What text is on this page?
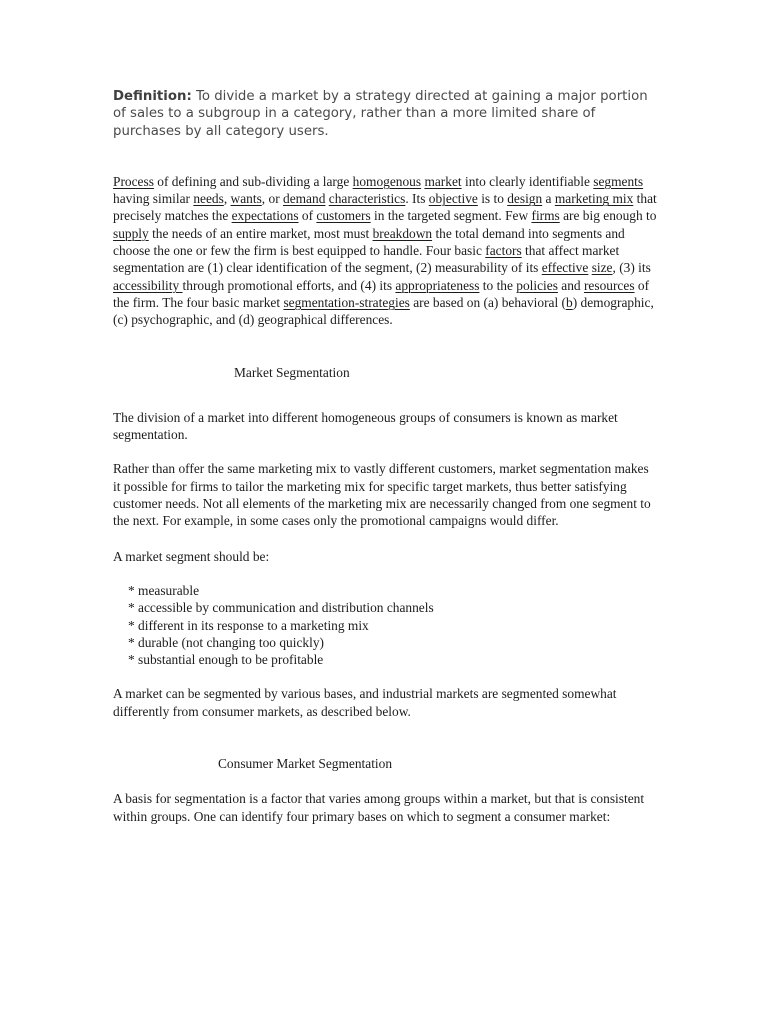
Definition: To divide a market by a strategy directed at gaining a major portion of sales to a subgroup in a category, rather than a more limited share of purchases by all category users.

Process of defining and sub-dividing a large homogenous market into clearly identifiable segments having similar needs, wants, or demand characteristics. Its objective is to design a marketing mix that precisely matches the expectations of customers in the targeted segment. Few firms are big enough to supply the needs of an entire market, most must breakdown the total demand into segments and choose the one or few the firm is best equipped to handle. Four basic factors that affect market segmentation are (1) clear identification of the segment, (2) measurability of its effective size, (3) its accessibility through promotional efforts, and (4) its appropriateness to the policies and resources of the firm. The four basic market segmentation-strategies are based on (a) behavioral (b) demographic, (c) psychographic, and (d) geographical differences.

Market Segmentation

The division of a market into different homogeneous groups of consumers is known as market segmentation.

Rather than offer the same marketing mix to vastly different customers, market segmentation makes it possible for firms to tailor the marketing mix for specific target markets, thus better satisfying customer needs. Not all elements of the marketing mix are necessarily changed from one segment to the next. For example, in some cases only the promotional campaigns would differ.

A market segment should be:

* measurable
* accessible by communication and distribution channels
* different in its response to a marketing mix
* durable (not changing too quickly)
* substantial enough to be profitable

A market can be segmented by various bases, and industrial markets are segmented somewhat differently from consumer markets, as described below.

Consumer Market Segmentation

A basis for segmentation is a factor that varies among groups within a market, but that is consistent within groups. One can identify four primary bases on which to segment a consumer market:
